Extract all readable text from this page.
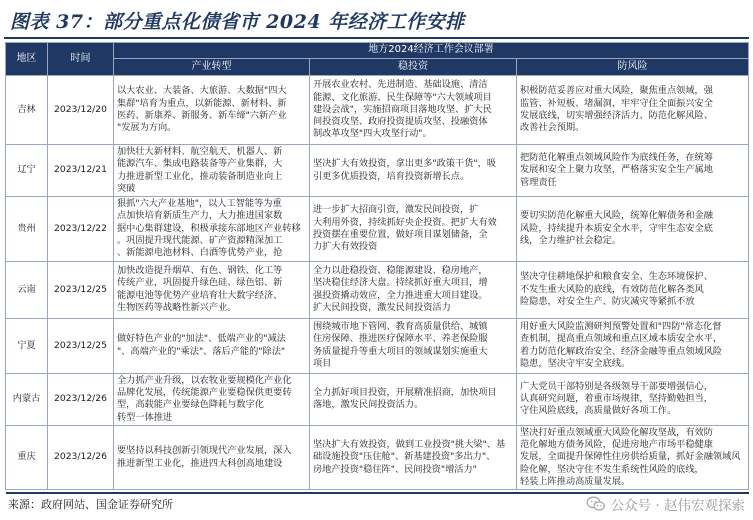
图表 37：部分重点化债省市 2024 年经济工作安排
地区	时间	地方2024经济工作会议部署		
		产业转型	稳投资	防风险
吉林	2023/12/20	以大农业、大装备、大旅游、大数据"四大
集群"培育为重点，以新能源、新材料、新
医药、新康养、新服务、新车缔"六新产业
"发展为方向。	开展农业农村、先进制造、基础设施、清洁
能源、文化旅游、民生保障等"六大领域项目
建设会战"，实施招商项目落地攻坚、扩大民
间投资攻坚、政府投资提质攻坚、投融资体
制改革攻坚"四大攻坚行动"。	积极防范妥善应对重大风险，聚焦重点领域，强
监管、补短板、堵漏洞，牢牢守住全面振兴安全
发展底线，切实增强经济活力、防范化解风险、
改善社会预期。

辽宁	2023/12/21	加快壮大新材料、航空航天、机器人、新
能源汽车、集成电路装备等产业集群，大
力推进新型工业化，推动装备制造业向上
突破	坚决扩大有效投资，拿出更多"政策干货"，吸
引更多优质投资，培育投资新增长点。	把防范化解重点领域风险作为底线任务，在统筹
发展和安全上聚力攻坚，严格落实安全生产属地
管理责任

贵州	2023/12/22	狠抓"六大产业基地"，以人工智能等为重
点加快培育新质生产力，大力推进国家数
据中心集群建设，积极承接东部地区产业转移
。巩固提升现代能源、矿产资源精深加工
、新能源电池材料、白酒等优势产业，抢	进一步扩大招商引资，激发民间投资，扩
大利用外资，持续抓好央企投资。把扩大有效
投资摆在重要位置，做好项目谋划储备，全
力扩大有效投资	要切实防范化解重大风险，统筹化解债务和金融
风险，持续提升本质安全水平，守牢生态安全底
线，全力维护社会稳定。

云南	2023/12/25	加快改造提升烟草、有色、钢铁、化工等
传统产业，巩固提升绿色硅、绿色铝、新
能源电池等优势产业培育壮大数字经济、
生物医药等战略性新兴产业。	全力以赴稳投资、稳能源建设、稳房地产，
坚决稳住经济大盘。持续抓好重大项目，增
强投资撬动效应，全力推进重大项目建设。
扩大民间投资，激发民间投资活力	坚决守住耕地保护和粮食安全、生态环境保护、
不发生重大风险的底线，有效防范化解各类风
险隐患，对安全生产、防灾减灾等紧抓不放

宁夏	2023/12/25	做好特色产业的"加法"、低端产业的"减法
"、高端产业的"乘法"、落后产能的"除法"	围绕城市地下管网、教育高质量供给、城镇
住房保障、推进医疗保障水平、养老保险服
务质量提升等重大项目的领域谋划实施重大
项目	用好重大风险监测研判预警处置和"四防"常态化督
查机制，提高重点领域和重点区域本质安全水平，
着力防范化解政治安全、经济金融等重点领域风险
隐患，坚决守牢安全底线。

内蒙古	2023/12/26	全力抓产业升级，以农牧业要规模化产业化
品牌化发展，传统能源产业要稳保供更要转
型，高载能产业要绿色降耗与数字化
转型一体推进	全力抓好项目投资，开展精准招商，加快项目
落地，激发民间投资活力。	广大党员干部特别是各级领导干部要增强信心，
认真研究问题，着重市场规律，坚持勤勉担当，
守住风险底线，高质量做好各项工作。

重庆	2023/12/26	要坚持以科技创新引领现代产业发展，深入
推进新型工业化，推进四大科创高地建设	坚决扩大有效投资，做到工业投资"挑大梁"、基
础设施投资"压住舱"、新基建投资"多出力"、
房地产投资"稳住阵"、民间投资"增活力"	坚决打好重点领域重大风险化解攻坚战，有效防
范化解地方债务风险，促进房地产市场平稳健康
发展，全面提升保障性住房供给质量，抓好金融领域风
险化解，坚决守住不发生系统性风险的底线，
轻装上阵推动高质量发展。
来源：政府网站、国金证券研究所	公众号 · 赵伟宏观探索
